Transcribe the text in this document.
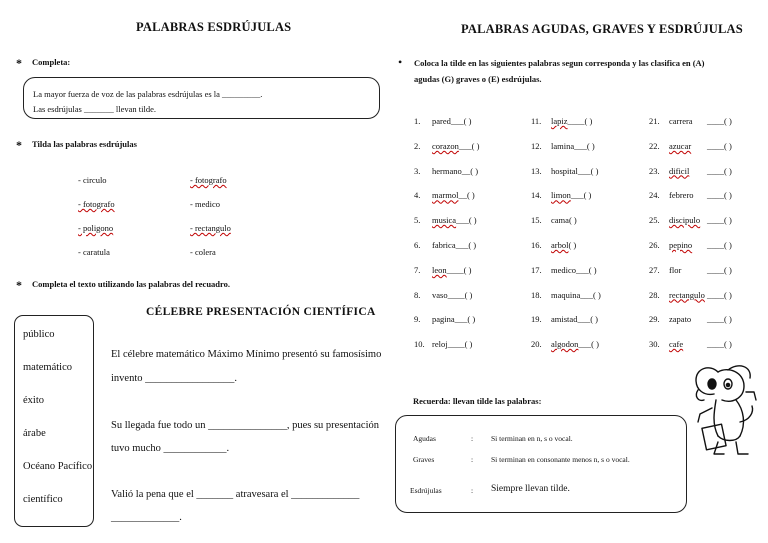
PALABRAS ESDRÚJULAS
* Completa:
La mayor fuerza de voz de las palabras esdrújulas es la _________.
Las esdrújulas _______ llevan tilde.
* Tilda las palabras esdrújulas
- circulo
- fotografo
- poligono
- caratula
- fotografo
- medico
- rectangulo
- colera
* Completa el texto utilizando las palabras del recuadro.
CÉLEBRE PRESENTACIÓN CIENTÍFICA
público
matemático
éxito
árabe
Océano Pacífico
científico
El célebre matemático Máximo Mínimo presentó su famosísimo
invento _________________.
Su llegada fue todo un _______________, pues su presentación
tuvo mucho ____________.
Valió la pena que el _______ atravesara el _____________
_____________.
PALABRAS AGUDAS, GRAVES Y ESDRÚJULAS
• Coloca la tilde en las siguientes palabras segun corresponda y las clasifica en (A)
agudas (G) graves o (E) esdrújulas.
1. pared___( )
2. corazon___( )
3. hermano__( )
4. marmol__( )
5. musica___( )
6. fabrica___( )
7. leon____( )
8. vaso____( )
9. pagina___( )
10. reloj____( )
11. lapiz____( )
12. lamina___( )
13. hospital___( )
14. limon___( )
15. cama( )
16. arbol( )
17. medico___( )
18. maquina___( )
19. amistad___( )
20. algodon___( )
21. carrera ____( )
22. azucar ____( )
23. dificil ____( )
24. febrero ____( )
25. discipulo ____( )
26. pepino ____( )
27. flor	____( )
28. rectangulo ____( )
29. zapato ____( )
30. cafe	____( )
Recuerda: llevan tilde las palabras:
Agudas	: Si terminan en n, s o vocal.
Graves	: Si terminan en consonante menos n, s o vocal.
Esdrújulas	: Siempre llevan tilde.
